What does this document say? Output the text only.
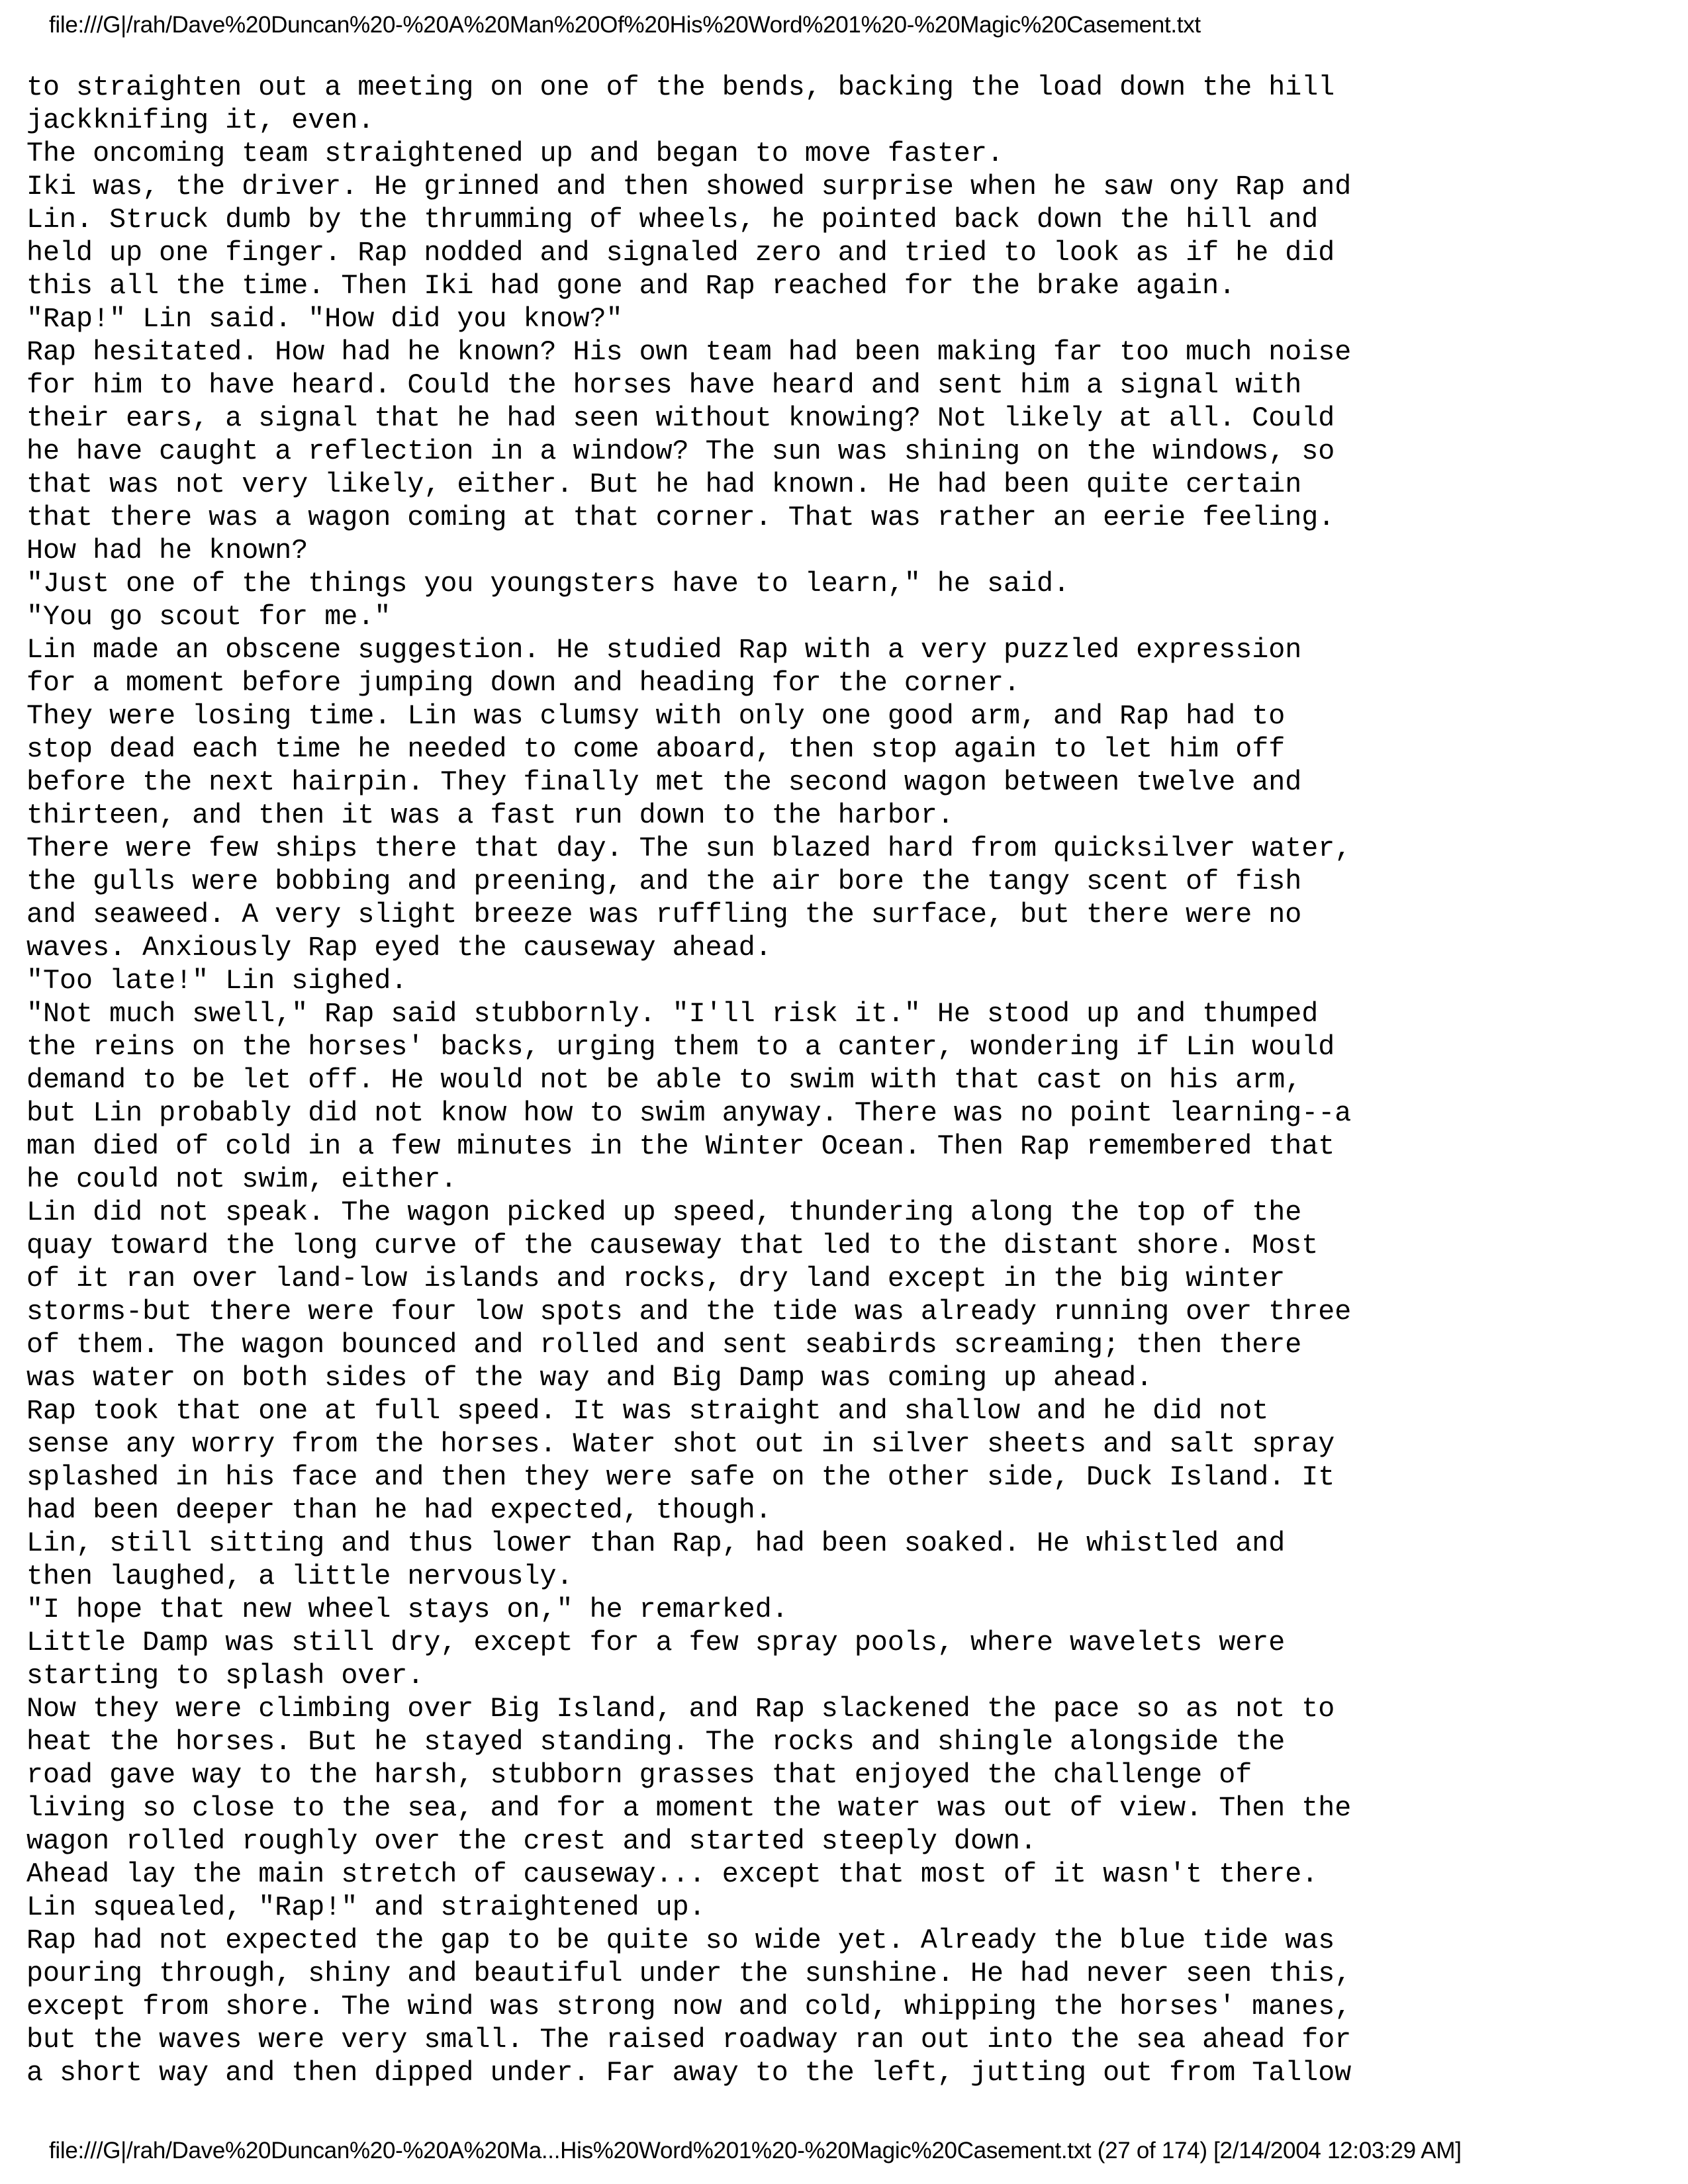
file:///G|/rah/Dave%20Duncan%20-%20A%20Man%20Of%20His%20Word%201%20-%20Magic%20Casement.txt
to straighten out a meeting on one of the bends, backing the load down the hill
jackknifing it, even.
The oncoming team straightened up and began to move faster.
Iki was, the driver. He grinned and then showed surprise when he saw ony Rap and
Lin. Struck dumb by the thrumming of wheels, he pointed back down the hill and
held up one finger. Rap nodded and signaled zero and tried to look as if he did
this all the time. Then Iki had gone and Rap reached for the brake again.
"Rap!" Lin said. "How did you know?"
Rap hesitated. How had he known? His own team had been making far too much noise
for him to have heard. Could the horses have heard and sent him a signal with
their ears, a signal that he had seen without knowing? Not likely at all. Could
he have caught a reflection in a window? The sun was shining on the windows, so
that was not very likely, either. But he had known. He had been quite certain
that there was a wagon coming at that corner. That was rather an eerie feeling.
How had he known?
"Just one of the things you youngsters have to learn," he said.
"You go scout for me."
Lin made an obscene suggestion. He studied Rap with a very puzzled expression
for a moment before jumping down and heading for the corner.
They were losing time. Lin was clumsy with only one good arm, and Rap had to
stop dead each time he needed to come aboard, then stop again to let him off
before the next hairpin. They finally met the second wagon between twelve and
thirteen, and then it was a fast run down to the harbor.
There were few ships there that day. The sun blazed hard from quicksilver water,
the gulls were bobbing and preening, and the air bore the tangy scent of fish
and seaweed. A very slight breeze was ruffling the surface, but there were no
waves. Anxiously Rap eyed the causeway ahead.
"Too late!" Lin sighed.
"Not much swell," Rap said stubbornly. "I'll risk it." He stood up and thumped
the reins on the horses' backs, urging them to a canter, wondering if Lin would
demand to be let off. He would not be able to swim with that cast on his arm,
but Lin probably did not know how to swim anyway. There was no point learning--a
man died of cold in a few minutes in the Winter Ocean. Then Rap remembered that
he could not swim, either.
Lin did not speak. The wagon picked up speed, thundering along the top of the
quay toward the long curve of the causeway that led to the distant shore. Most
of it ran over land-low islands and rocks, dry land except in the big winter
storms-but there were four low spots and the tide was already running over three
of them. The wagon bounced and rolled and sent seabirds screaming; then there
was water on both sides of the way and Big Damp was coming up ahead.
Rap took that one at full speed. It was straight and shallow and he did not
sense any worry from the horses. Water shot out in silver sheets and salt spray
splashed in his face and then they were safe on the other side, Duck Island. It
had been deeper than he had expected, though.
Lin, still sitting and thus lower than Rap, had been soaked. He whistled and
then laughed, a little nervously.
"I hope that new wheel stays on," he remarked.
Little Damp was still dry, except for a few spray pools, where wavelets were
starting to splash over.
Now they were climbing over Big Island, and Rap slackened the pace so as not to
heat the horses. But he stayed standing. The rocks and shingle alongside the
road gave way to the harsh, stubborn grasses that enjoyed the challenge of
living so close to the sea, and for a moment the water was out of view. Then the
wagon rolled roughly over the crest and started steeply down.
Ahead lay the main stretch of causeway... except that most of it wasn't there.
Lin squealed, "Rap!" and straightened up.
Rap had not expected the gap to be quite so wide yet. Already the blue tide was
pouring through, shiny and beautiful under the sunshine. He had never seen this,
except from shore. The wind was strong now and cold, whipping the horses' manes,
but the waves were very small. The raised roadway ran out into the sea ahead for
a short way and then dipped under. Far away to the left, jutting out from Tallow
file:///G|/rah/Dave%20Duncan%20-%20A%20Ma...His%20Word%201%20-%20Magic%20Casement.txt (27 of 174) [2/14/2004 12:03:29 AM]
